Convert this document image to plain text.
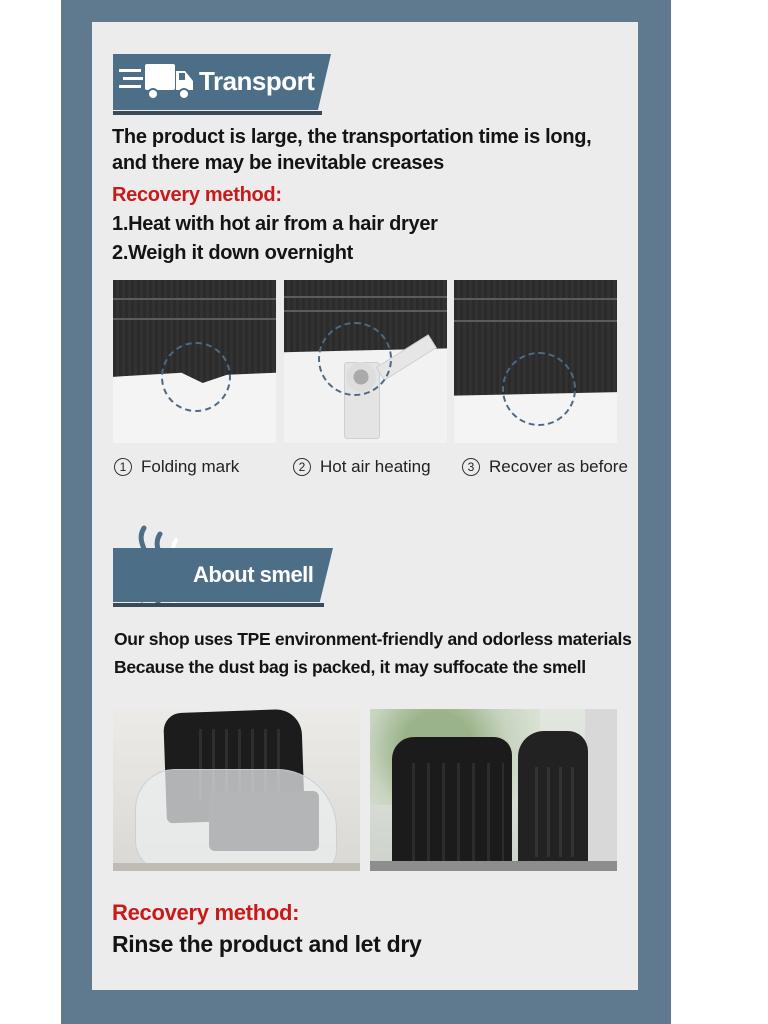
Transport
The product is large, the transportation time is long,
and there may be inevitable creases
Recovery method:
1.Heat with hot air from a hair dryer
2.Weigh it down overnight
1 Folding mark	2 Hot air heating	3 Recover as before
About smell
Our shop uses TPE environment-friendly and odorless materials
Because the dust bag is packed, it may suffocate the smell
Recovery method:
Rinse the product and let dry
